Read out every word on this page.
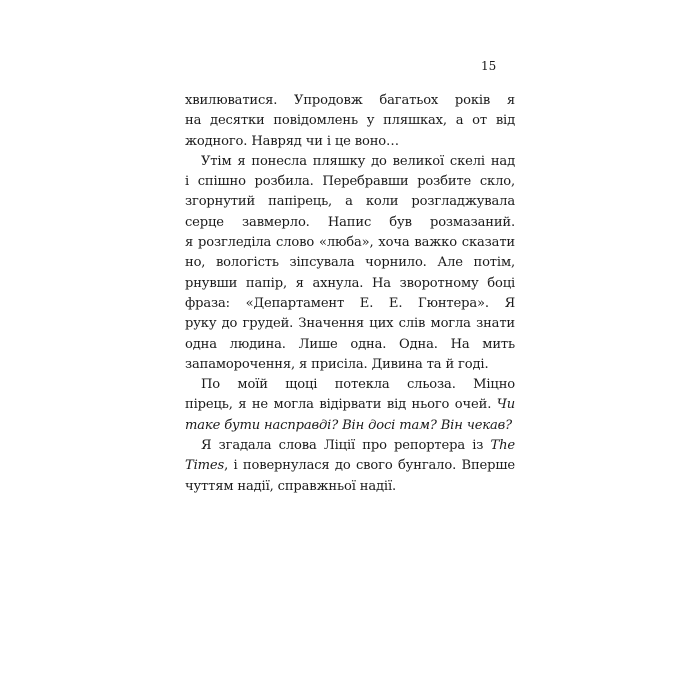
15
хвилюватися. Упродовж багатьох років я
на десятки повідомлень у пляшках, а от від
жодного. Навряд чи і це воно…
Утім я понесла пляшку до великої скелі над
і спішно розбила. Перебравши розбите скло,
згорнутий папірець, а коли розгладжувала
серце завмерло. Напис був розмазаний.
я розгледіла слово «люба», хоча важко сказати
но, вологість зіпсувала чорнило. Але потім,
рнувши папір, я ахнула. На зворотному боці
фраза: «Департамент Е. Е. Гюнтера». Я
руку до грудей. Значення цих слів могла знати
одна людина. Лише одна. Одна. На мить
запаморочення, я присіла. Дивина та й годі.
По моїй щоці потекла сльоза. Міцно
пірець, я не могла відірвати від нього очей. Чи
таке бути насправді? Він досі там? Він чекав?
Я згадала слова Ліції про репортера із The
Times, і повернулася до свого бунгало. Вперше
чуттям надії, справжньої надії.
